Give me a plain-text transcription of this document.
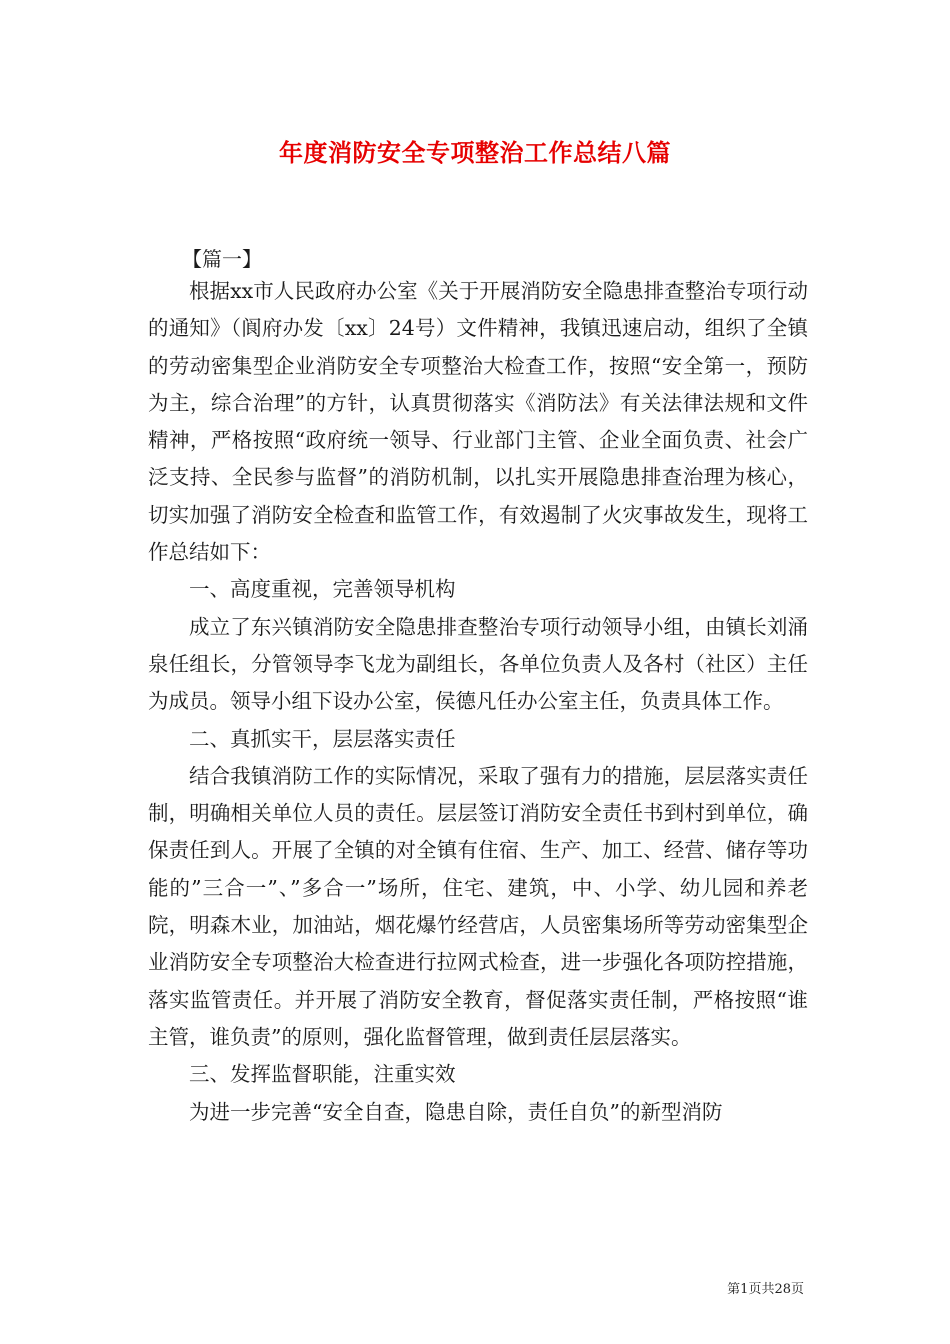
年度消防安全专项整治工作总结八篇

【篇一】

根据xx市人民政府办公室《关于开展消防安全隐患排查整治专项行动的通知》（阆府办发〔xx〕24号）文件精神，我镇迅速启动，组织了全镇的劳动密集型企业消防安全专项整治大检查工作，按照“安全第一，预防为主，综合治理”的方针，认真贯彻落实《消防法》有关法律法规和文件精神，严格按照“政府统一领导、行业部门主管、企业全面负责、社会广泛支持、全民参与监督”的消防机制，以扎实开展隐患排查治理为核心，切实加强了消防安全检查和监管工作，有效遏制了火灾事故发生，现将工作总结如下：

一、高度重视，完善领导机构

成立了东兴镇消防安全隐患排查整治专项行动领导小组，由镇长刘涌泉任组长，分管领导李飞龙为副组长，各单位负责人及各村（社区）主任为成员。领导小组下设办公室，侯德凡任办公室主任，负责具体工作。

二、真抓实干，层层落实责任

结合我镇消防工作的实际情况，采取了强有力的措施，层层落实责任制，明确相关单位人员的责任。层层签订消防安全责任书到村到单位，确保责任到人。开展了全镇的对全镇有住宿、生产、加工、经营、储存等功能的”三合一”、”多合一”场所，住宅、建筑，中、小学、幼儿园和养老院，明森木业，加油站，烟花爆竹经营店，人员密集场所等劳动密集型企业消防安全专项整治大检查进行拉网式检查，进一步强化各项防控措施，落实监管责任。并开展了消防安全教育，督促落实责任制，严格按照“谁主管，谁负责”的原则，强化监督管理，做到责任层层落实。

三、发挥监督职能，注重实效

为进一步完善“安全自查，隐患自除，责任自负”的新型消防

第1页共28页
